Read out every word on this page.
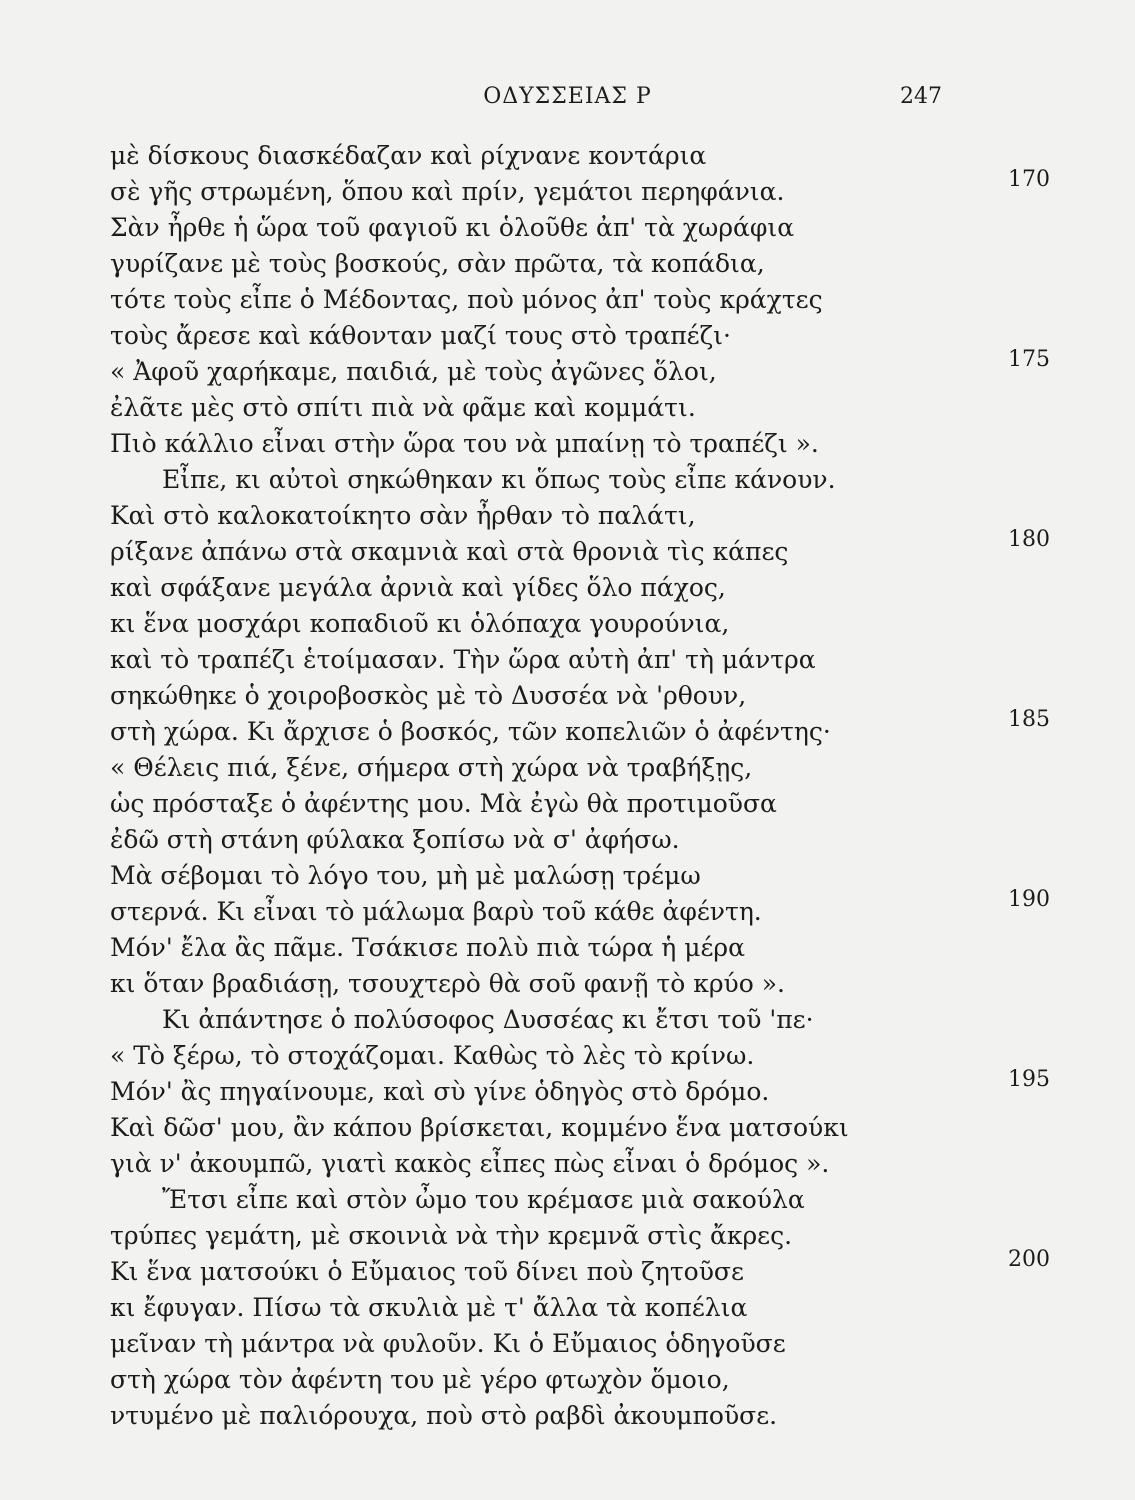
ΟΔΥΣΣΕΙΑΣ Ρ	247
μὲ δίσκους διασκέδαζαν καὶ ρίχνανε κοντάρια
σὲ γῆς στρωμένη, ὅπου καὶ πρίν, γεμάτοι περηφάνια.	170
Σὰν ἦρθε ἡ ὥρα τοῦ φαγιοῦ κι ὁλοῦθε ἀπ' τὰ χωράφια
γυρίζανε μὲ τοὺς βοσκούς, σὰν πρῶτα, τὰ κοπάδια,
τότε τοὺς εἶπε ὁ Μέδοντας, ποὺ μόνος ἀπ' τοὺς κράχτες
τοὺς ἄρεσε καὶ κάθονταν μαζί τους στὸ τραπέζι·
« Ἀφοῦ χαρήκαμε, παιδιά, μὲ τοὺς ἀγῶνες ὅλοι,	175
ἐλᾶτε μὲς στὸ σπίτι πιὰ νὰ φᾶμε καὶ κομμάτι.
Πιὸ κάλλιο εἶναι στὴν ὥρα του νὰ μπαίνῃ τὸ τραπέζι ».
Εἶπε, κι αὐτοὶ σηκώθηκαν κι ὅπως τοὺς εἶπε κάνουν.
Καὶ στὸ καλοκατοίκητο σὰν ἦρθαν τὸ παλάτι,
ρίξανε ἀπάνω στὰ σκαμνιὰ καὶ στὰ θρονιὰ τὶς κάπες	180
καὶ σφάξανε μεγάλα ἀρνιὰ καὶ γίδες ὅλο πάχος,
κι ἕνα μοσχάρι κοπαδιοῦ κι ὁλόπαχα γουρούνια,
καὶ τὸ τραπέζι ἑτοίμασαν. Τὴν ὥρα αὐτὴ ἀπ' τὴ μάντρα
σηκώθηκε ὁ χοιροβοσκὸς μὲ τὸ Δυσσέα νὰ 'ρθουν,
στὴ χώρα. Κι ἄρχισε ὁ βοσκός, τῶν κοπελιῶν ὁ ἀφέντης·	185
« Θέλεις πιά, ξένε, σήμερα στὴ χώρα νὰ τραβήξῃς,
ὡς πρόσταξε ὁ ἀφέντης μου. Μὰ ἐγὼ θὰ προτιμοῦσα
ἐδῶ στὴ στάνη φύλακα ξοπίσω νὰ σ' ἀφήσω.
Μὰ σέβομαι τὸ λόγο του, μὴ μὲ μαλώσῃ τρέμω
στερνά. Κι εἶναι τὸ μάλωμα βαρὺ τοῦ κάθε ἀφέντη.	190
Μόν' ἔλα ἂς πᾶμε. Τσάκισε πολὺ πιὰ τώρα ἡ μέρα
κι ὅταν βραδιάσῃ, τσουχτερὸ θὰ σοῦ φανῇ τὸ κρύο ».
Κι ἀπάντησε ὁ πολύσοφος Δυσσέας κι ἔτσι τοῦ 'πε·
« Τὸ ξέρω, τὸ στοχάζομαι. Καθὼς τὸ λὲς τὸ κρίνω.
Μόν' ἂς πηγαίνουμε, καὶ σὺ γίνε ὁδηγὸς στὸ δρόμο.	195
Καὶ δῶσ' μου, ἂν κάπου βρίσκεται, κομμένο ἕνα ματσούκι
γιὰ ν' ἀκουμπῶ, γιατὶ κακὸς εἶπες πὼς εἶναι ὁ δρόμος ».
Ἔτσι εἶπε καὶ στὸν ὦμο του κρέμασε μιὰ σακούλα
τρύπες γεμάτη, μὲ σκοινιὰ νὰ τὴν κρεμνᾶ στὶς ἄκρες.
Κι ἕνα ματσούκι ὁ Εὔμαιος τοῦ δίνει ποὺ ζητοῦσε	200
κι ἔφυγαν. Πίσω τὰ σκυλιὰ μὲ τ' ἄλλα τὰ κοπέλια
μεῖναν τὴ μάντρα νὰ φυλοῦν. Κι ὁ Εὔμαιος ὁδηγοῦσε
στὴ χώρα τὸν ἀφέντη του μὲ γέρο φτωχὸν ὅμοιο,
ντυμένο μὲ παλιόρουχα, ποὺ στὸ ραβδὶ ἀκουμποῦσε.
